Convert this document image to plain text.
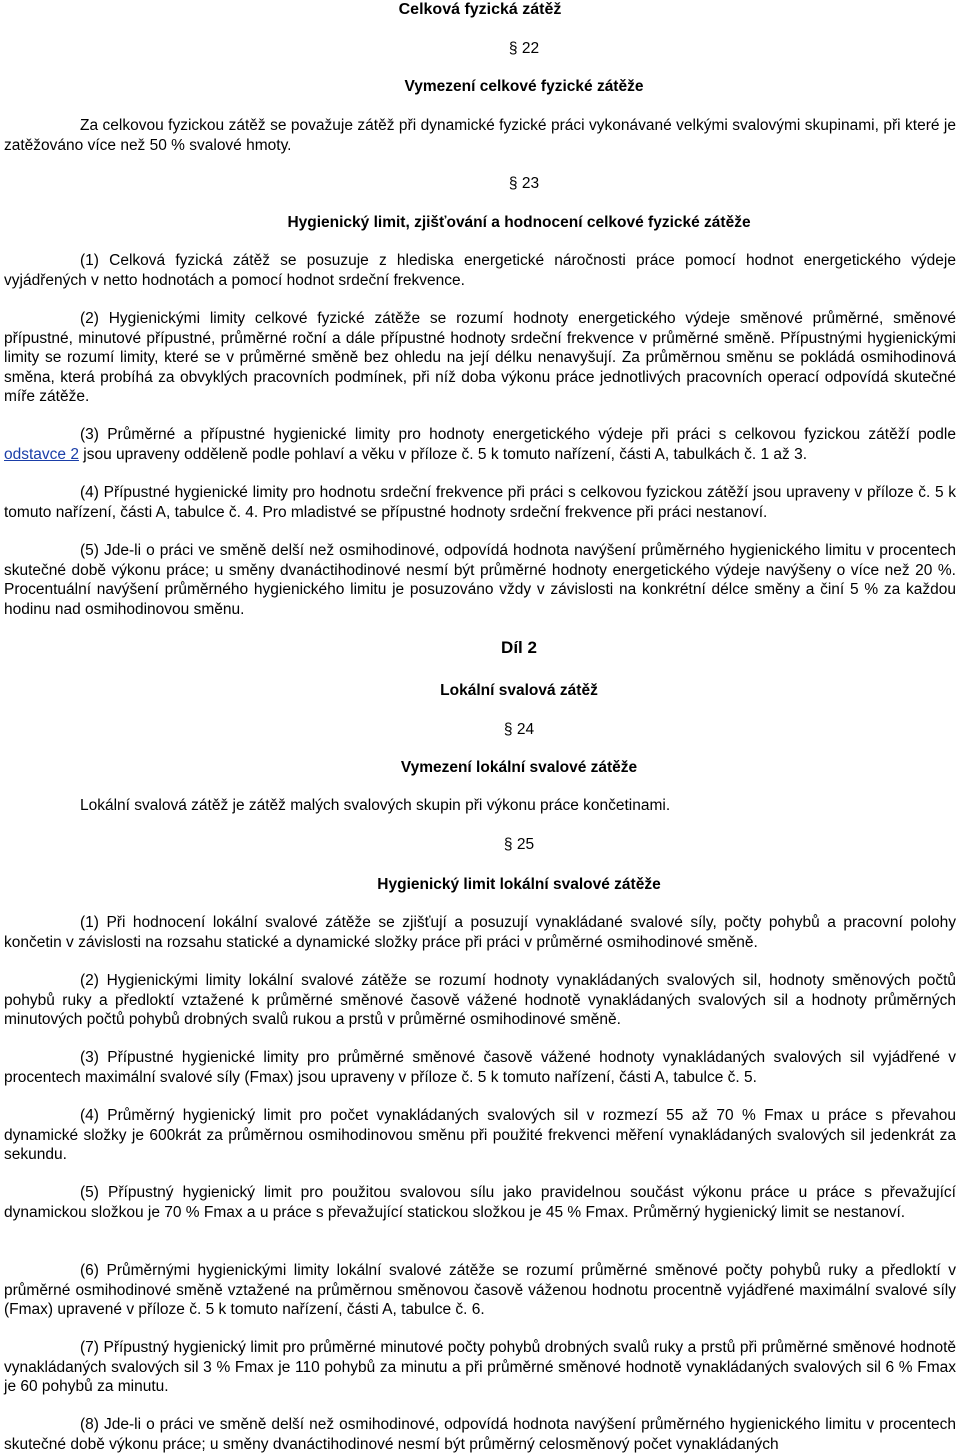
Celková fyzická zátěž
§ 22
Vymezení celkové fyzické zátěže

Za celkovou fyzickou zátěž se považuje zátěž při dynamické fyzické práci vykonávané velkými svalovými skupinami, při které je zatěžováno více než 50 % svalové hmoty.

§ 23
Hygienický limit, zjišťování a hodnocení celkové fyzické zátěže

(1) Celková fyzická zátěž se posuzuje z hlediska energetické náročnosti práce pomocí hodnot energetického výdeje vyjádřených v netto hodnotách a pomocí hodnot srdeční frekvence.

(2) Hygienickými limity celkové fyzické zátěže se rozumí hodnoty energetického výdeje směnové průměrné, směnové přípustné, minutové přípustné, průměrné roční a dále přípustné hodnoty srdeční frekvence v průměrné směně. Přípustnými hygienickými limity se rozumí limity, které se v průměrné směně bez ohledu na její délku nenavyšují. Za průměrnou směnu se pokládá osmihodinová směna, která probíhá za obvyklých pracovních podmínek, při níž doba výkonu práce jednotlivých pracovních operací odpovídá skutečné míře zátěže.

(3) Průměrné a přípustné hygienické limity pro hodnoty energetického výdeje při práci s celkovou fyzickou zátěží podle odstavce 2 jsou upraveny odděleně podle pohlaví a věku v příloze č. 5 k tomuto nařízení, části A, tabulkách č. 1 až 3.

(4) Přípustné hygienické limity pro hodnotu srdeční frekvence při práci s celkovou fyzickou zátěží jsou upraveny v příloze č. 5 k tomuto nařízení, části A, tabulce č. 4. Pro mladistvé se přípustné hodnoty srdeční frekvence při práci nestanoví.

(5) Jde-li o práci ve směně delší než osmihodinové, odpovídá hodnota navýšení průměrného hygienického limitu v procentech skutečné době výkonu práce; u směny dvanáctihodinové nesmí být průměrné hodnoty energetického výdeje navýšeny o více než 20 %. Procentuální navýšení průměrného hygienického limitu je posuzováno vždy v závislosti na konkrétní délce směny a činí 5 % za každou hodinu nad osmihodinovou směnu.

Díl 2
Lokální svalová zátěž
§ 24
Vymezení lokální svalové zátěže

Lokální svalová zátěž je zátěž malých svalových skupin při výkonu práce končetinami.

§ 25
Hygienický limit lokální svalové zátěže

(1) Při hodnocení lokální svalové zátěže se zjišťují a posuzují vynakládané svalové síly, počty pohybů a pracovní polohy končetin v závislosti na rozsahu statické a dynamické složky práce při práci v průměrné osmihodinové směně.

(2) Hygienickými limity lokální svalové zátěže se rozumí hodnoty vynakládaných svalových sil, hodnoty směnových počtů pohybů ruky a předloktí vztažené k průměrné směnové časově vážené hodnotě vynakládaných svalových sil a hodnoty průměrných minutových počtů pohybů drobných svalů rukou a prstů v průměrné osmihodinové směně.

(3) Přípustné hygienické limity pro průměrné směnové časově vážené hodnoty vynakládaných svalových sil vyjádřené v procentech maximální svalové síly (Fmax) jsou upraveny v příloze č. 5 k tomuto nařízení, části A, tabulce č. 5.

(4) Průměrný hygienický limit pro počet vynakládaných svalových sil v rozmezí 55 až 70 % Fmax u práce s převahou dynamické složky je 600krát za průměrnou osmihodinovou směnu při použité frekvenci měření vynakládaných svalových sil jedenkrát za sekundu.

(5) Přípustný hygienický limit pro použitou svalovou sílu jako pravidelnou součást výkonu práce u práce s převažující dynamickou složkou je 70 % Fmax a u práce s převažující statickou složkou je 45 % Fmax. Průměrný hygienický limit se nestanoví.

(6) Průměrnými hygienickými limity lokální svalové zátěže se rozumí průměrné směnové počty pohybů ruky a předloktí v průměrné osmihodinové směně vztažené na průměrnou směnovou časově váženou hodnotu procentně vyjádřené maximální svalové síly (Fmax) upravené v příloze č. 5 k tomuto nařízení, části A, tabulce č. 6.

(7) Přípustný hygienický limit pro průměrné minutové počty pohybů drobných svalů ruky a prstů při průměrné směnové hodnotě vynakládaných svalových sil 3 % Fmax je 110 pohybů za minutu a při průměrné směnové hodnotě vynakládaných svalových sil 6 % Fmax je 60 pohybů za minutu.

(8) Jde-li o práci ve směně delší než osmihodinové, odpovídá hodnota navýšení průměrného hygienického limitu v procentech skutečné době výkonu práce; u směny dvanáctihodinové nesmí být průměrný celosměnový počet vynakládaných
